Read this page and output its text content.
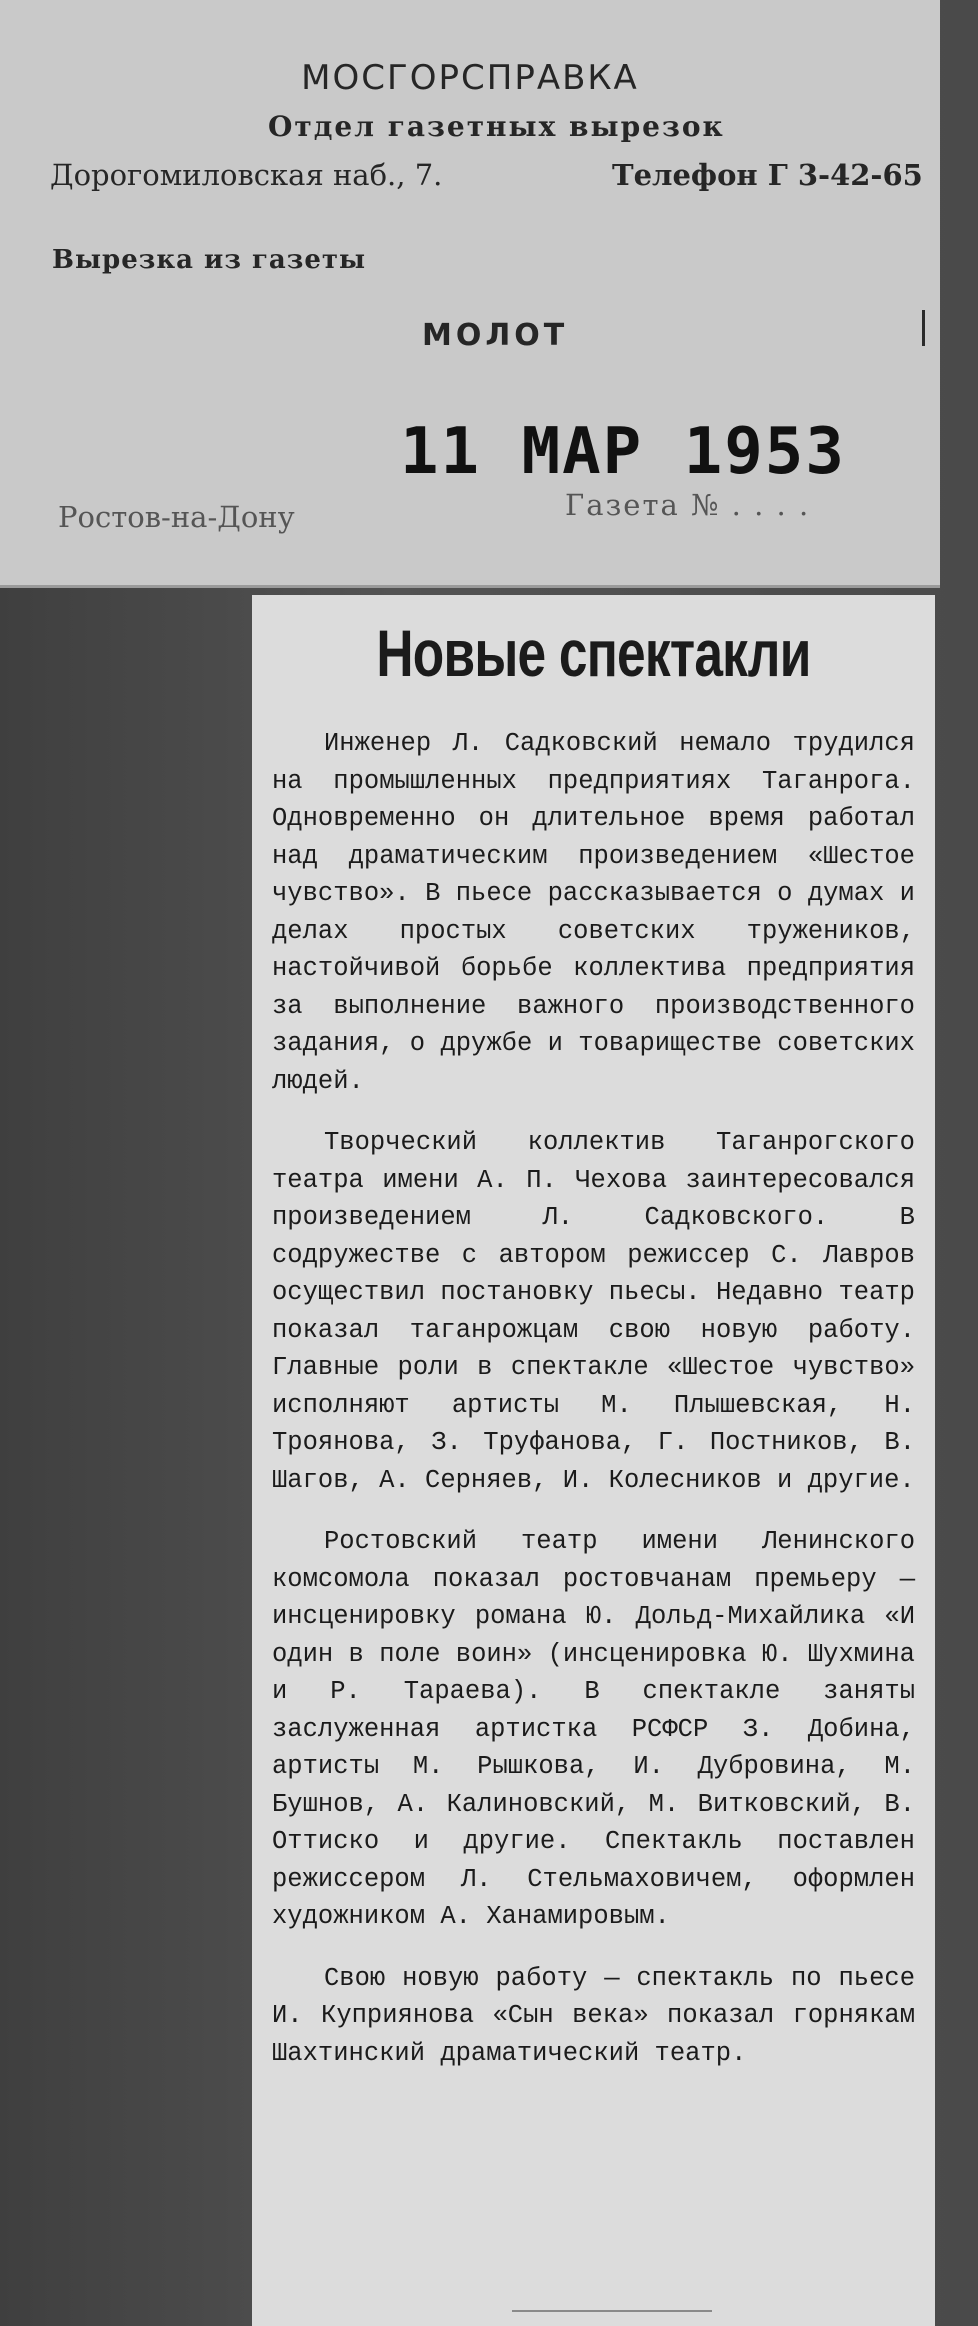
МОСГОРСПРАВКА
Отдел газетных вырезок
Дорогомиловская наб., 7.	Телефон Г 3-42-65
Вырезка из газеты
МОЛОТ
11 МАР 1953
Ростов-на-Дону	Газета № . . . .
Новые спектакли

Инженер Л. Садковский немало трудился на промышленных предприятиях Таганрога. Одновременно он длительное время работал над драматическим произведением «Шестое чувство». В пьесе рассказывается о думах и делах простых советских тружеников, настойчивой борьбе коллектива предприятия за выполнение важного производственного задания, о дружбе и товариществе советских людей.

Творческий коллектив Таганрогского театра имени А. П. Чехова заинтересовался произведением Л. Садковского. В содружестве с автором режиссер С. Лавров осуществил постановку пьесы. Недавно театр показал таганрожцам свою новую работу. Главные роли в спектакле «Шестое чувство» исполняют артисты М. Плышевская, Н. Троянова, З. Труфанова, Г. Постников, В. Шагов, А. Серняев, И. Колесников и другие.

Ростовский театр имени Ленинского комсомола показал ростовчанам премьеру — инсценировку романа Ю. Дольд-Михайлика «И один в поле воин» (инсценировка Ю. Шухмина и Р. Тараева). В спектакле заняты заслуженная артистка РСФСР З. Добина, артисты М. Рышкова, И. Дубровина, М. Бушнов, А. Калиновский, М. Витковский, В. Оттиско и другие. Спектакль поставлен режиссером Л. Стельмаховичем, оформлен художником А. Ханамировым.

Свою новую работу — спектакль по пьесе И. Куприянова «Сын века» показал горнякам Шахтинский драматический театр.
